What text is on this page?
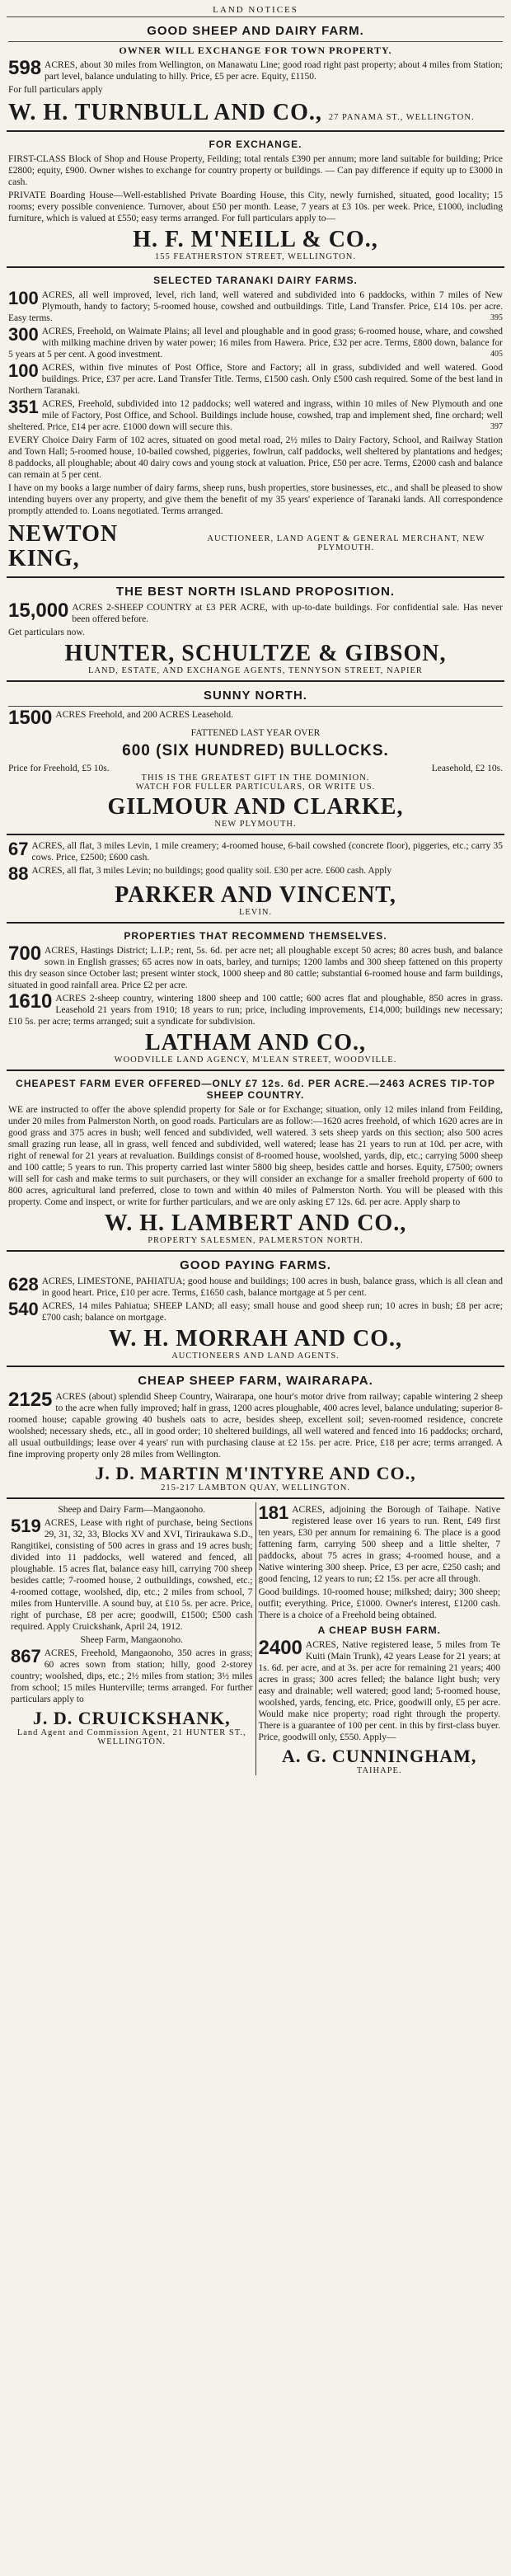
LAND NOTICES
GOOD SHEEP AND DAIRY FARM.
OWNER WILL EXCHANGE FOR TOWN PROPERTY.
598 ACRES, about 30 miles from Wellington, on Manawatu Line; good road right past property; about 4 miles from Station; part level, balance undulating to hilly. Price, £5 per acre. Equity, £1150.
For full particulars apply
W. H. TURNBULL AND CO., 27 PANAMA ST., WELLINGTON.
FOR EXCHANGE.
FIRST-CLASS Block of Shop and House Property, Feilding; total rentals £390 per annum; more land suitable for building; Price £2800; equity, £900. Owner wishes to exchange for country property or buildings. — Can pay difference if equity up to £3000 in cash.
PRIVATE Boarding House—Well-established Private Boarding House, this City, newly furnished, situated, good locality; 15 rooms; every possible convenience. Turnover, about £50 per month. Lease, 7 years at £3 10s. per week. Price, £1000, including furniture, which is valued at £550; easy terms arranged. For full particulars apply to—
H. F. M'NEILL & CO.,
155 FEATHERSTON STREET, WELLINGTON.
SELECTED TARANAKI DAIRY FARMS.
100 ACRES, all well improved, level, rich land, well watered and subdivided into 6 paddocks, within 7 miles of New Plymouth, handy to factory; 5-roomed house, cowshed and outbuildings. Title, Land Transfer. Price, £14 10s. per acre. Easy terms.	395
300 ACRES, Freehold, on Waimate Plains; all level and ploughable and in good grass; 6-roomed house, whare, and cowshed with milking machine driven by water power; 16 miles from Hawera. Price, £32 per acre. Terms, £800 down, balance for 5 years at 5 per cent. A good investment.	405
100 ACRES, within five minutes of Post Office, Store and Factory; all in grass, subdivided and well watered. Good buildings. Price, £37 per acre. Land Transfer Title. Terms, £1500 cash. Only £500 cash required. Some of the best land in Northern Taranaki.
351 ACRES, Freehold, subdivided into 12 paddocks; well watered and ingrass, within 10 miles of New Plymouth and one mile of Factory, Post Office, and School. Buildings include house, cowshed, trap and implement shed, fine orchard; well sheltered. Price, £14 per acre. £1000 down will secure this.	397
EVERY Choice Dairy Farm of 102 acres, situated on good metal road, 2½ miles to Dairy Factory, School, and Railway Station and Town Hall; 5-roomed house, 10-bailed cowshed, piggeries, fowlrun, calf paddocks, well sheltered by plantations and hedges; 8 paddocks, all ploughable; about 40 dairy cows and young stock at valuation. Price, £50 per acre. Terms, £2000 cash and balance can remain at 5 per cent.
I have on my books a large number of dairy farms, sheep runs, bush properties, store businesses, etc., and shall be pleased to show intending buyers over any property, and give them the benefit of my 35 years' experience of Taranaki lands. All correspondence promptly attended to. Loans negotiated. Terms arranged.
NEWTON KING,
AUCTIONEER, LAND AGENT & GENERAL MERCHANT, NEW PLYMOUTH.
THE BEST NORTH ISLAND PROPOSITION.
15,000 ACRES 2-SHEEP COUNTRY at £3 PER ACRE, with up-to-date buildings. For confidential sale. Has never been offered before.
Get particulars now.
HUNTER, SCHULTZE & GIBSON,
LAND, ESTATE, AND EXCHANGE AGENTS, TENNYSON STREET, NAPIER
SUNNY NORTH.
1500 ACRES Freehold, and 200 ACRES Leasehold.
FATTENED LAST YEAR OVER
600 (SIX HUNDRED) BULLOCKS.
Price for Freehold, £5 10s.	Leasehold, £2 10s.
THIS IS THE GREATEST GIFT IN THE DOMINION.
WATCH FOR FULLER PARTICULARS, OR WRITE US.
GILMOUR AND CLARKE,
NEW PLYMOUTH.
67 ACRES, all flat, 3 miles Levin, 1 mile creamery; 4-roomed house, 6-bail cowshed (concrete floor), piggeries, etc.; carry 35 cows. Price, £2500; £600 cash.
88 ACRES, all flat, 3 miles Levin; no buildings; good quality soil. £30 per acre. £600 cash. Apply
PARKER AND VINCENT,
LEVIN.
PROPERTIES THAT RECOMMEND THEMSELVES.
700 ACRES, Hastings District; L.I.P.; rent, 5s. 6d. per acre net; all ploughable except 50 acres; 80 acres bush, and balance sown in English grasses; 65 acres now in oats, barley, and turnips; 1200 lambs and 300 sheep fattened on this property this dry season since October last; present winter stock, 1000 sheep and 80 cattle; substantial 6-roomed house and farm buildings, situated in good rainfall area. Price £2 per acre.
1610 ACRES 2-sheep country, wintering 1800 sheep and 100 cattle; 600 acres flat and ploughable, 850 acres in grass. Leasehold 21 years from 1910; 18 years to run; price, including improvements, £14,000; buildings new necessary; £10 5s. per acre; terms arranged; suit a syndicate for subdivision.
LATHAM AND CO.,
WOODVILLE LAND AGENCY, M'LEAN STREET, WOODVILLE.
CHEAPEST FARM EVER OFFERED—ONLY £7 12s. 6d. PER ACRE.—2463 ACRES TIP-TOP SHEEP COUNTRY.
WE are instructed to offer the above splendid property for Sale or for Exchange; situation, only 12 miles inland from Feilding, under 20 miles from Palmerston North, on good roads. Particulars are as follow:—1620 acres freehold, of which 1620 acres are in good grass and 375 acres in bush; well fenced and subdivided, well watered. 3 sets sheep yards on this section; also 500 acres small grazing run lease, all in grass, well fenced and subdivided, well watered; lease has 21 years to run at 10d. per acre, with right of renewal for 21 years at revaluation. Buildings consist of 8-roomed house, woolshed, yards, dip, etc.; carrying 5000 sheep and 100 cattle; 5 years to run. This property carried last winter 5800 big sheep, besides cattle and horses. Equity, £7500; owners will sell for cash and make terms to suit purchasers, or they will consider an exchange for a smaller freehold property of 600 to 800 acres, agricultural land preferred, close to town and within 40 miles of Palmerston North. You will be pleased with this property. Come and inspect, or write for further particulars, and we are only asking £7 12s. 6d. per acre. Apply sharp to
W. H. LAMBERT AND CO.,
PROPERTY SALESMEN, PALMERSTON NORTH.
GOOD PAYING FARMS.
628 ACRES, LIMESTONE, PAHIATUA; good house and buildings; 100 acres in bush, balance grass, which is all clean and in good heart. Price, £10 per acre. Terms, £1650 cash, balance mortgage at 5 per cent.
540 ACRES, 14 miles Pahiatua; SHEEP LAND; all easy; small house and good sheep run; 10 acres in bush; £8 per acre; £700 cash; balance on mortgage.
W. H. MORRAH AND CO.,
AUCTIONEERS AND LAND AGENTS.
CHEAP SHEEP FARM, WAIRARAPA.
2125 ACRES (about) splendid Sheep Country, Wairarapa, one hour's motor drive from railway; capable wintering 2 sheep to the acre when fully improved; half in grass, 1200 acres ploughable, 400 acres level, balance undulating; superior 8-roomed house; capable growing 40 bushels oats to acre, besides sheep, excellent soil; seven-roomed residence, concrete woolshed; necessary sheds, etc., all in good order; 10 sheltered buildings, all well watered and fenced into 16 paddocks; orchard, all usual outbuildings; lease over 4 years' run with purchasing clause at £2 15s. per acre. Price, £18 per acre; terms arranged. A fine improving property only 28 miles from Wellington.
J. D. MARTIN M'INTYRE AND CO.,
215-217 LAMBTON QUAY, WELLINGTON.
Sheep and Dairy Farm—Mangaonoho.
519 ACRES, Lease with right of purchase, being Sections 29, 31, 32, 33, Blocks XV and XVI, Tiriraukawa S.D., Rangitikei, consisting of 500 acres in grass and 19 acres bush; divided into 11 paddocks, well watered and fenced, all ploughable. 15 acres flat, balance easy hill, carrying 700 sheep besides cattle; 7-roomed house, 2 outbuildings, cowshed, etc.; 4-roomed cottage, woolshed, dip, etc.; 2 miles from school, 7 miles from Hunterville. A sound buy, at £10 5s. per acre. Price, right of purchase, £8 per acre; goodwill, £1500; £500 cash required. Apply Cruickshank, April 24, 1912.
Sheep Farm, Mangaonoho.
867 ACRES, Freehold, Mangaonoho, 350 acres in grass; 60 acres sown from station; hilly, good 2-storey country; woolshed, dips, etc.; 2½ miles from station; 3½ miles from school; 15 miles Hunterville; terms arranged. For further particulars apply to
J. D. CRUICKSHANK,
Land Agent and Commission Agent, 21 HUNTER ST., WELLINGTON.
181 ACRES, adjoining the Borough of Taihape. Native registered lease over 16 years to run. Rent, £49 first ten years, £30 per annum for remaining 6. The place is a good fattening farm, carrying 500 sheep and a little shelter, 7 paddocks, about 75 acres in grass; 4-roomed house, and a Native wintering 300 sheep. Price, £3 per acre, £250 cash; and good fencing, 12 years to run; £2 15s. per acre all through.
Good buildings. 10-roomed house; milkshed; dairy; 300 sheep; outfit; everything. Price, £1000. Owner's interest, £1200 cash. There is a choice of a Freehold being obtained.
A CHEAP BUSH FARM.
2400 ACRES, Native registered lease, 5 miles from Te Kuiti (Main Trunk), 42 years Lease for 21 years; at 1s. 6d. per acre, and at 3s. per acre for remaining 21 years; 400 acres in grass; 300 acres felled; the balance light bush; very easy and drainable; well watered; good land; 5-roomed house, woolshed, yards, fencing, etc. Price, goodwill only, £5 per acre. Would make nice property; road right through the property. There is a guarantee of 100 per cent. in this by first-class buyer. Price, goodwill only, £550. Apply—
A. G. CUNNINGHAM,
TAIHAPE.
